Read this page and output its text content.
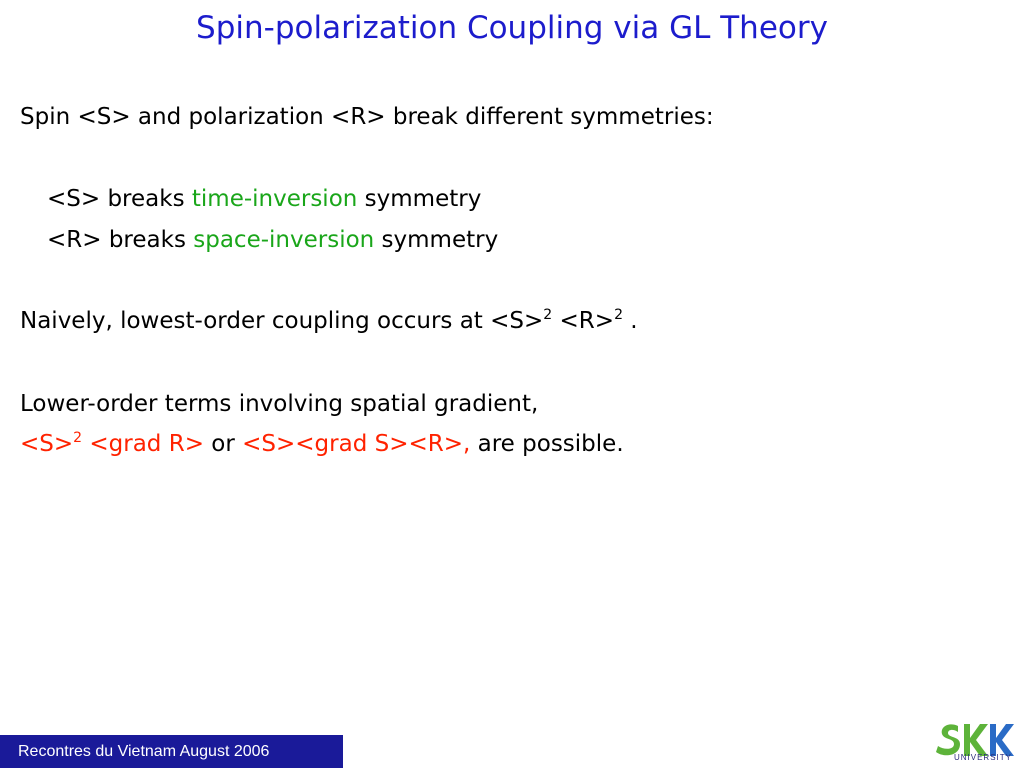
Spin-polarization Coupling via GL Theory
Spin <S> and polarization <R> break different symmetries:
<S> breaks time-inversion symmetry
<R> breaks space-inversion symmetry
Naively, lowest-order coupling occurs at <S>$^2$ <R>$^2$ .
Lower-order terms involving spatial gradient,
<S>$^2$ <grad R> or <S><grad S><R>, are possible.
Recontres du Vietnam August 2006	UNIVERSITY
